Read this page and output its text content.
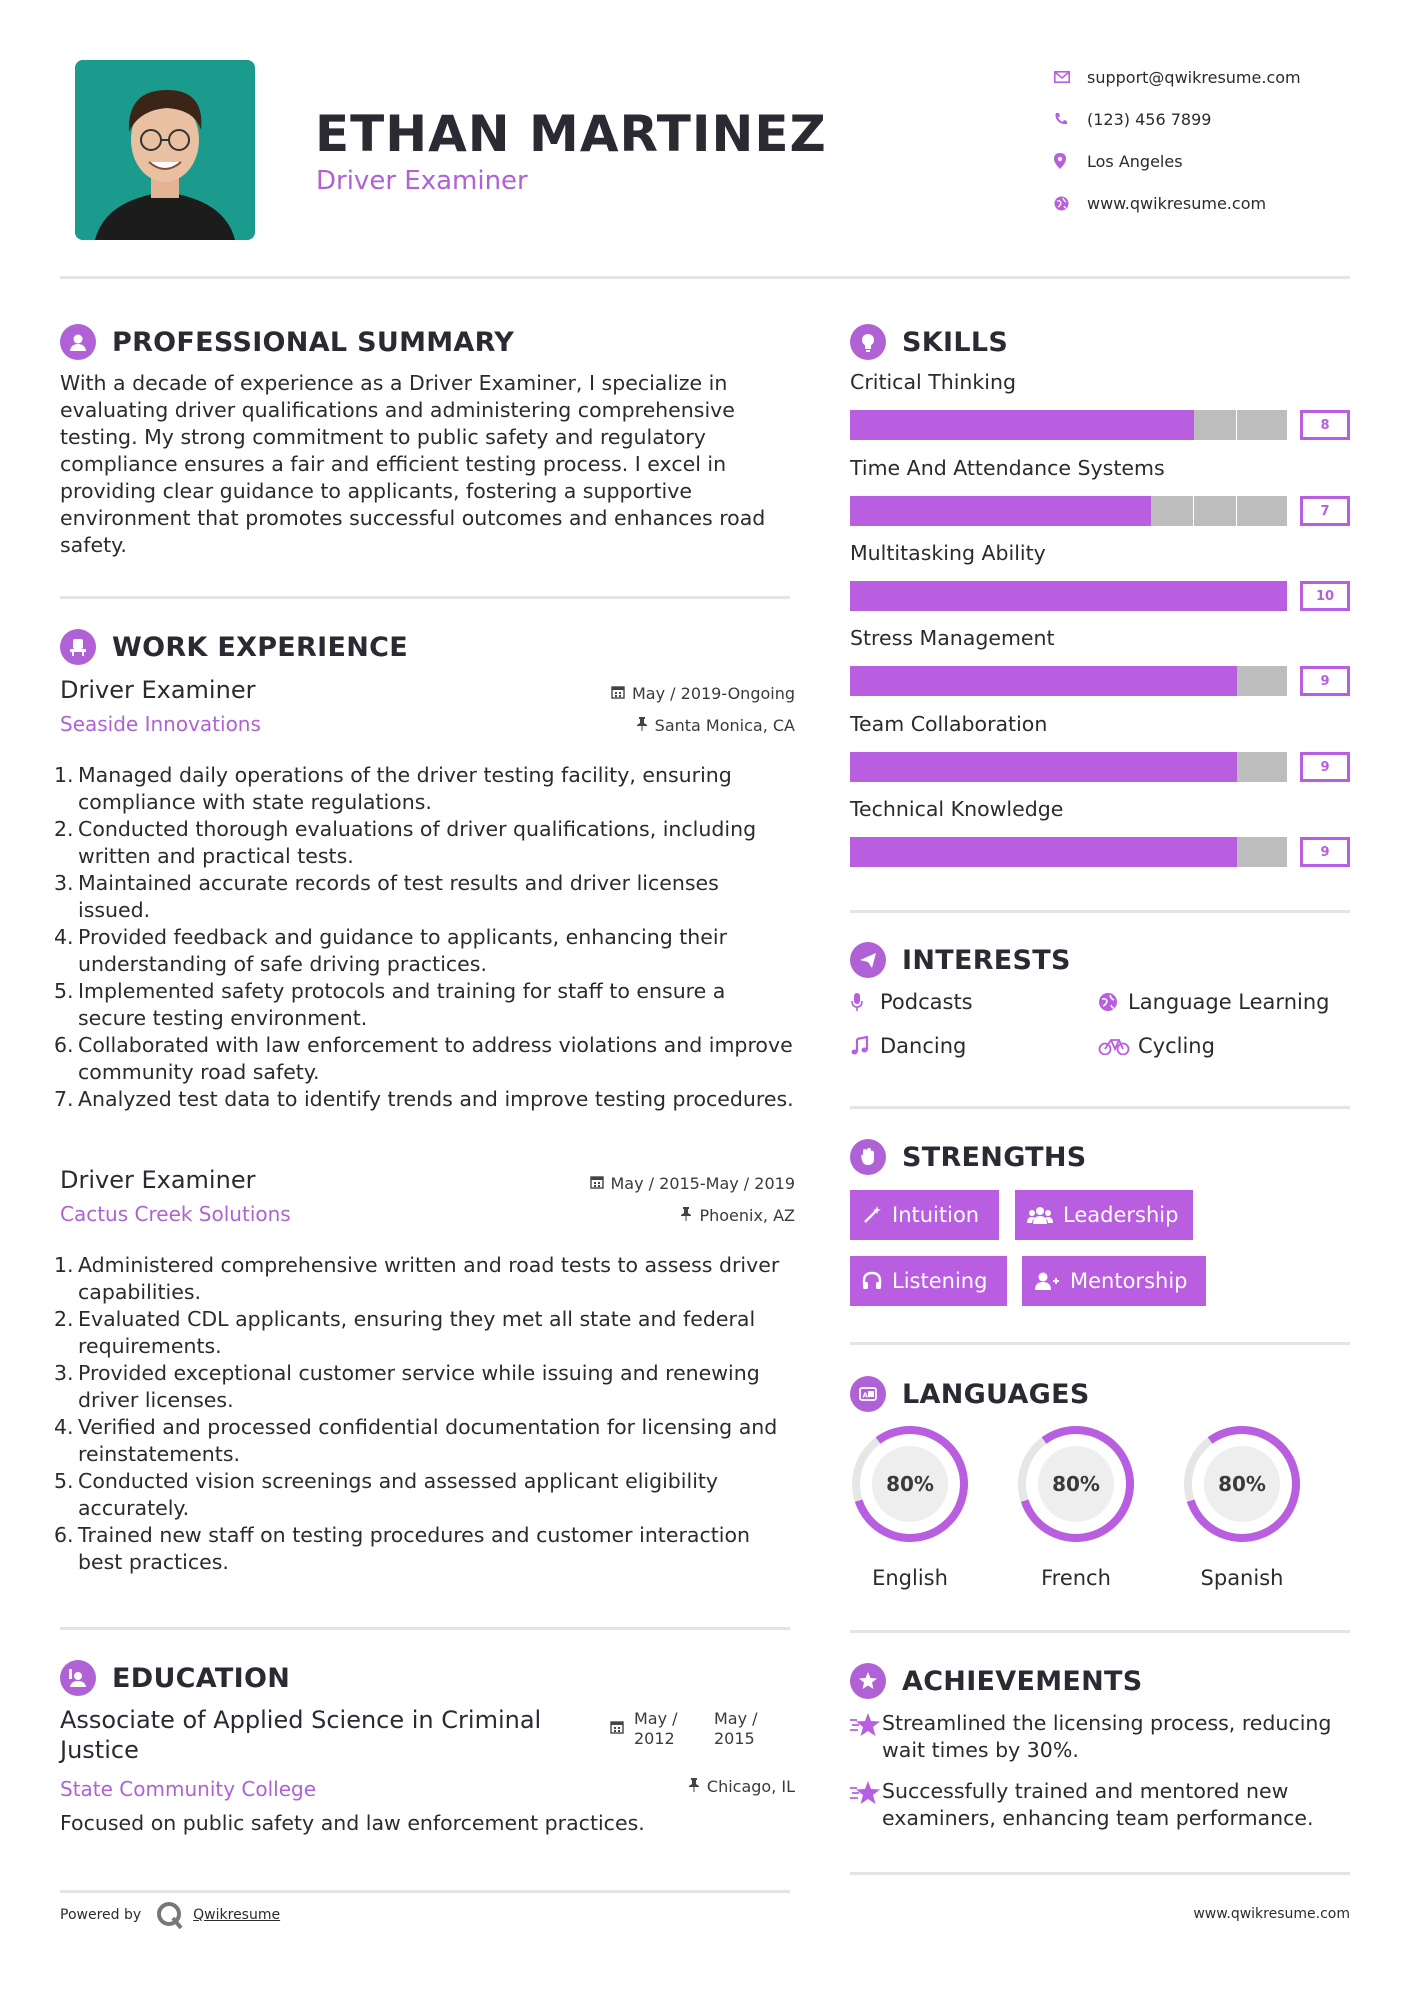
ETHAN MARTINEZ
Driver Examiner
support@qwikresume.com
(123) 456 7899
Los Angeles
www.qwikresume.com
PROFESSIONAL SUMMARY
With a decade of experience as a Driver Examiner, I specialize in evaluating driver qualifications and administering comprehensive testing. My strong commitment to public safety and regulatory compliance ensures a fair and efficient testing process. I excel in providing clear guidance to applicants, fostering a supportive environment that promotes successful outcomes and enhances road safety.
WORK EXPERIENCE
Driver Examiner
Seaside Innovations
May / 2019-Ongoing
Santa Monica, CA
1. Managed daily operations of the driver testing facility, ensuring compliance with state regulations.
2. Conducted thorough evaluations of driver qualifications, including written and practical tests.
3. Maintained accurate records of test results and driver licenses issued.
4. Provided feedback and guidance to applicants, enhancing their understanding of safe driving practices.
5. Implemented safety protocols and training for staff to ensure a secure testing environment.
6. Collaborated with law enforcement to address violations and improve community road safety.
7. Analyzed test data to identify trends and improve testing procedures.
Driver Examiner
Cactus Creek Solutions
May / 2015-May / 2019
Phoenix, AZ
1. Administered comprehensive written and road tests to assess driver capabilities.
2. Evaluated CDL applicants, ensuring they met all state and federal requirements.
3. Provided exceptional customer service while issuing and renewing driver licenses.
4. Verified and processed confidential documentation for licensing and reinstatements.
5. Conducted vision screenings and assessed applicant eligibility accurately.
6. Trained new staff on testing procedures and customer interaction best practices.
EDUCATION
Associate of Applied Science in Criminal Justice
May /
2012
May /
2015
State Community College	Chicago, IL
Focused on public safety and law enforcement practices.
Powered by	Qwikresume	www.qwikresume.com
SKILLS
Critical Thinking
8
Time And Attendance Systems
7
Multitasking Ability
10
Stress Management
9
Team Collaboration
9
Technical Knowledge
9
INTERESTS
Podcasts	Language Learning
Dancing	Cycling
STRENGTHS
Intuition	Leadership
Listening	Mentorship
A LANGUAGES
80%
English
80%
French
80%
Spanish
ACHIEVEMENTS
Streamlined the licensing process, reducing wait times by 30%.
Successfully trained and mentored new examiners, enhancing team performance.
